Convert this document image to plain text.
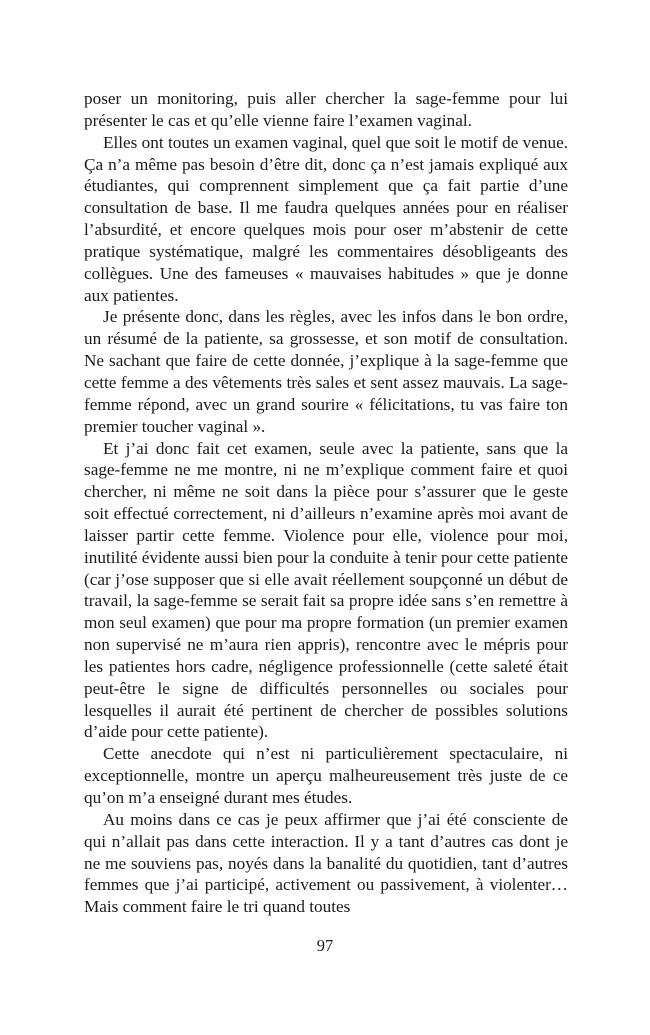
poser un monitoring, puis aller chercher la sage-femme pour lui présenter le cas et qu’elle vienne faire l’examen vaginal.

Elles ont toutes un examen vaginal, quel que soit le motif de venue. Ça n’a même pas besoin d’être dit, donc ça n’est jamais expliqué aux étudiantes, qui comprennent simplement que ça fait partie d’une consultation de base. Il me faudra quelques années pour en réaliser l’absurdité, et encore quelques mois pour oser m’abstenir de cette pratique systématique, malgré les commentaires désobligeants des collègues. Une des fameuses « mauvaises habitudes » que je donne aux patientes.

Je présente donc, dans les règles, avec les infos dans le bon ordre, un résumé de la patiente, sa grossesse, et son motif de consultation. Ne sachant que faire de cette donnée, j’explique à la sage-femme que cette femme a des vêtements très sales et sent assez mauvais. La sage-femme répond, avec un grand sourire « félicitations, tu vas faire ton premier toucher vaginal ».

Et j’ai donc fait cet examen, seule avec la patiente, sans que la sage-femme ne me montre, ni ne m’explique comment faire et quoi chercher, ni même ne soit dans la pièce pour s’assurer que le geste soit effectué correctement, ni d’ailleurs n’examine après moi avant de laisser partir cette femme. Violence pour elle, violence pour moi, inutilité évidente aussi bien pour la conduite à tenir pour cette patiente (car j’ose supposer que si elle avait réellement soupçonné un début de travail, la sage-femme se serait fait sa propre idée sans s’en remettre à mon seul examen) que pour ma propre formation (un premier examen non supervisé ne m’aura rien appris), rencontre avec le mépris pour les patientes hors cadre, négligence professionnelle (cette saleté était peut-être le signe de difficultés personnelles ou sociales pour lesquelles il aurait été pertinent de chercher de possibles solutions d’aide pour cette patiente).

Cette anecdote qui n’est ni particulièrement spectaculaire, ni exceptionnelle, montre un aperçu malheureusement très juste de ce qu’on m’a enseigné durant mes études.

Au moins dans ce cas je peux affirmer que j’ai été consciente de qui n’allait pas dans cette interaction. Il y a tant d’autres cas dont je ne me souviens pas, noyés dans la banalité du quotidien, tant d’autres femmes que j’ai participé, activement ou passivement, à violenter… Mais comment faire le tri quand toutes

97
